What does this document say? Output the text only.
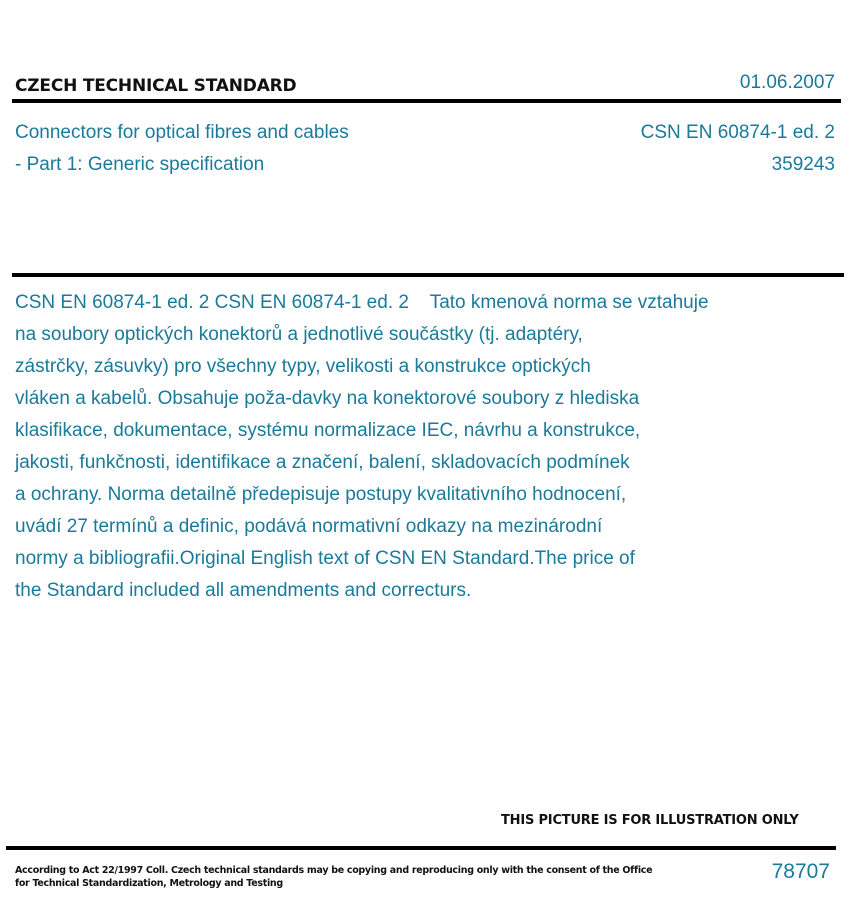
CZECH TECHNICAL STANDARD	01.06.2007
Connectors for optical fibres and cables
- Part 1: Generic specification
CSN EN 60874-1 ed. 2
359243
CSN EN 60874-1 ed. 2 CSN EN 60874-1 ed. 2    Tato kmenová norma se vztahuje
na soubory optických konektorů a jednotlivé součástky (tj. adaptéry,
zástrčky, zásuvky) pro všechny typy, velikosti a konstrukce optických
vláken a kabelů. Obsahuje poža-davky na konektorové soubory z hlediska
klasifikace, dokumentace, systému normalizace IEC, návrhu a konstrukce,
jakosti, funkčnosti, identifikace a značení, balení, skladovacích podmínek
a ochrany. Norma detailně předepisuje postupy kvalitativního hodnocení,
uvádí 27 termínů a definic, podává normativní odkazy na mezinárodní
normy a bibliografii.Original English text of CSN EN Standard.The price of
the Standard included all amendments and correcturs.
THIS PICTURE IS FOR ILLUSTRATION ONLY
According to Act 22/1997 Coll. Czech technical standards may be copying and reproducing only with the consent of the Office
for Technical Standardization, Metrology and Testing
78707
